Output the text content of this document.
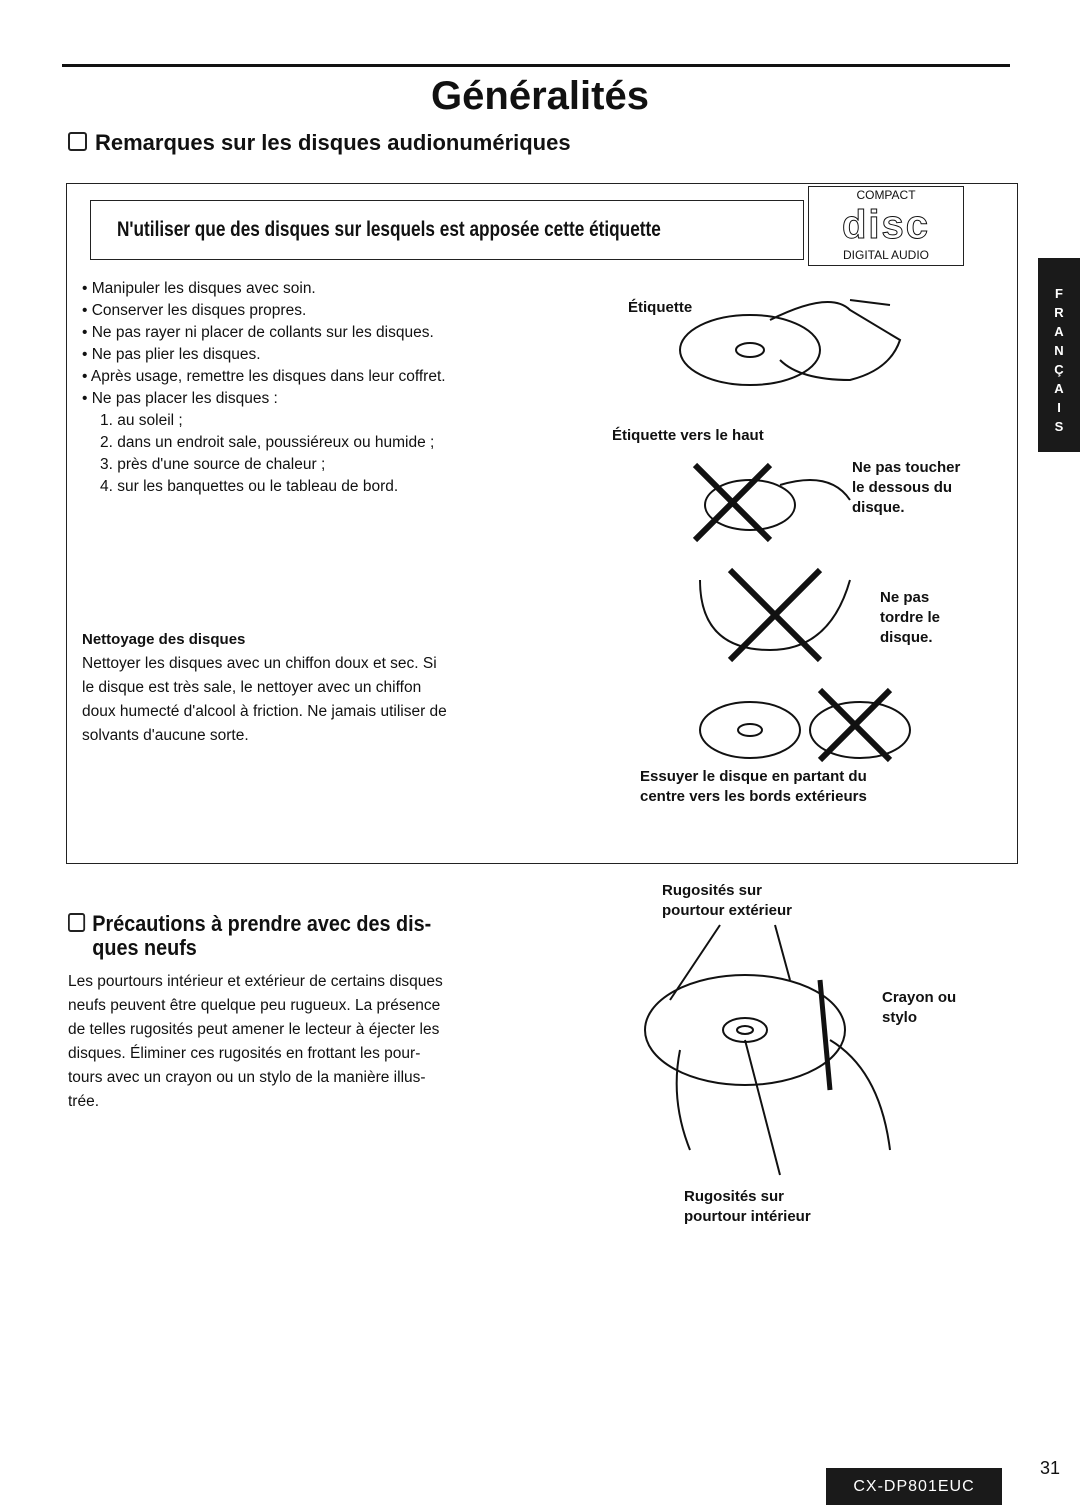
Généralités
Remarques sur les disques audionumériques
N'utiliser que des disques sur lesquels est apposée cette étiquette
COMPACT
disc
DIGITAL AUDIO
• Manipuler les disques avec soin.
• Conserver les disques propres.
• Ne pas rayer ni placer de collants sur les disques.
• Ne pas plier les disques.
• Après usage, remettre les disques dans leur coffret.
• Ne pas placer les disques :
1. au soleil ;
2. dans un endroit sale, poussiéreux ou humide ;
3. près d'une source de chaleur ;
4. sur les banquettes ou le tableau de bord.
Nettoyage des disques
Nettoyer les disques avec un chiffon doux et sec. Si
le disque est très sale, le nettoyer avec un chiffon
doux humecté d'alcool à friction. Ne jamais utiliser de
solvants d'aucune sorte.
Étiquette
Étiquette vers le haut
Ne pas toucher
le dessous du
disque.
Ne pas
tordre le
disque.
Essuyer le disque en partant du
centre vers les bords extérieurs
Précautions à prendre avec des dis-
ques neufs
Les pourtours intérieur et extérieur de certains disques
neufs peuvent être quelque peu rugueux. La présence
de telles rugosités peut amener le lecteur à éjecter les
disques. Éliminer ces rugosités en frottant les pour-
tours avec un crayon ou un stylo de la manière illus-
trée.
Rugosités sur
pourtour extérieur
Crayon ou
stylo
Rugosités sur
pourtour intérieur
F
R
A
N
Ç
A
I
S
CX-DP801EUC
31
